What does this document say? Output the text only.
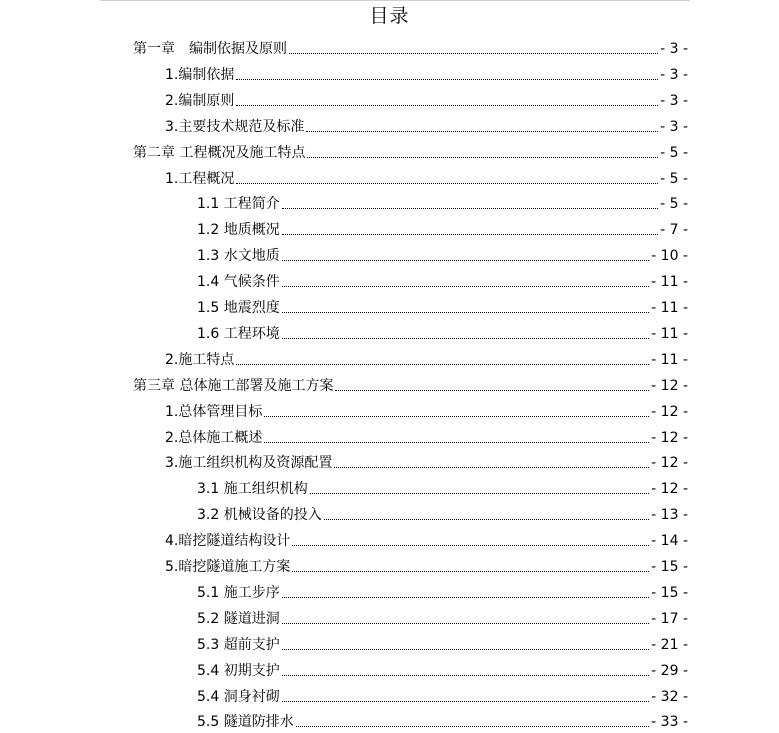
目录
第一章　编制依据及原则	- 3 -
1.编制依据	- 3 -
2.编制原则	- 3 -
3.主要技术规范及标准	- 3 -
第二章 工程概况及施工特点	- 5 -
1.工程概况	- 5 -
1.1 工程简介	- 5 -
1.2 地质概况	- 7 -
1.3 水文地质	- 10 -
1.4 气候条件	- 11 -
1.5 地震烈度	- 11 -
1.6 工程环境	- 11 -
2.施工特点	- 11 -
第三章 总体施工部署及施工方案	- 12 -
1.总体管理目标	- 12 -
2.总体施工概述	- 12 -
3.施工组织机构及资源配置	- 12 -
3.1 施工组织机构	- 12 -
3.2 机械设备的投入	- 13 -
4.暗挖隧道结构设计	- 14 -
5.暗挖隧道施工方案	- 15 -
5.1 施工步序	- 15 -
5.2 隧道进洞	- 17 -
5.3 超前支护	- 21 -
5.4 初期支护	- 29 -
5.4 洞身衬砌	- 32 -
5.5 隧道防排水	- 33 -
